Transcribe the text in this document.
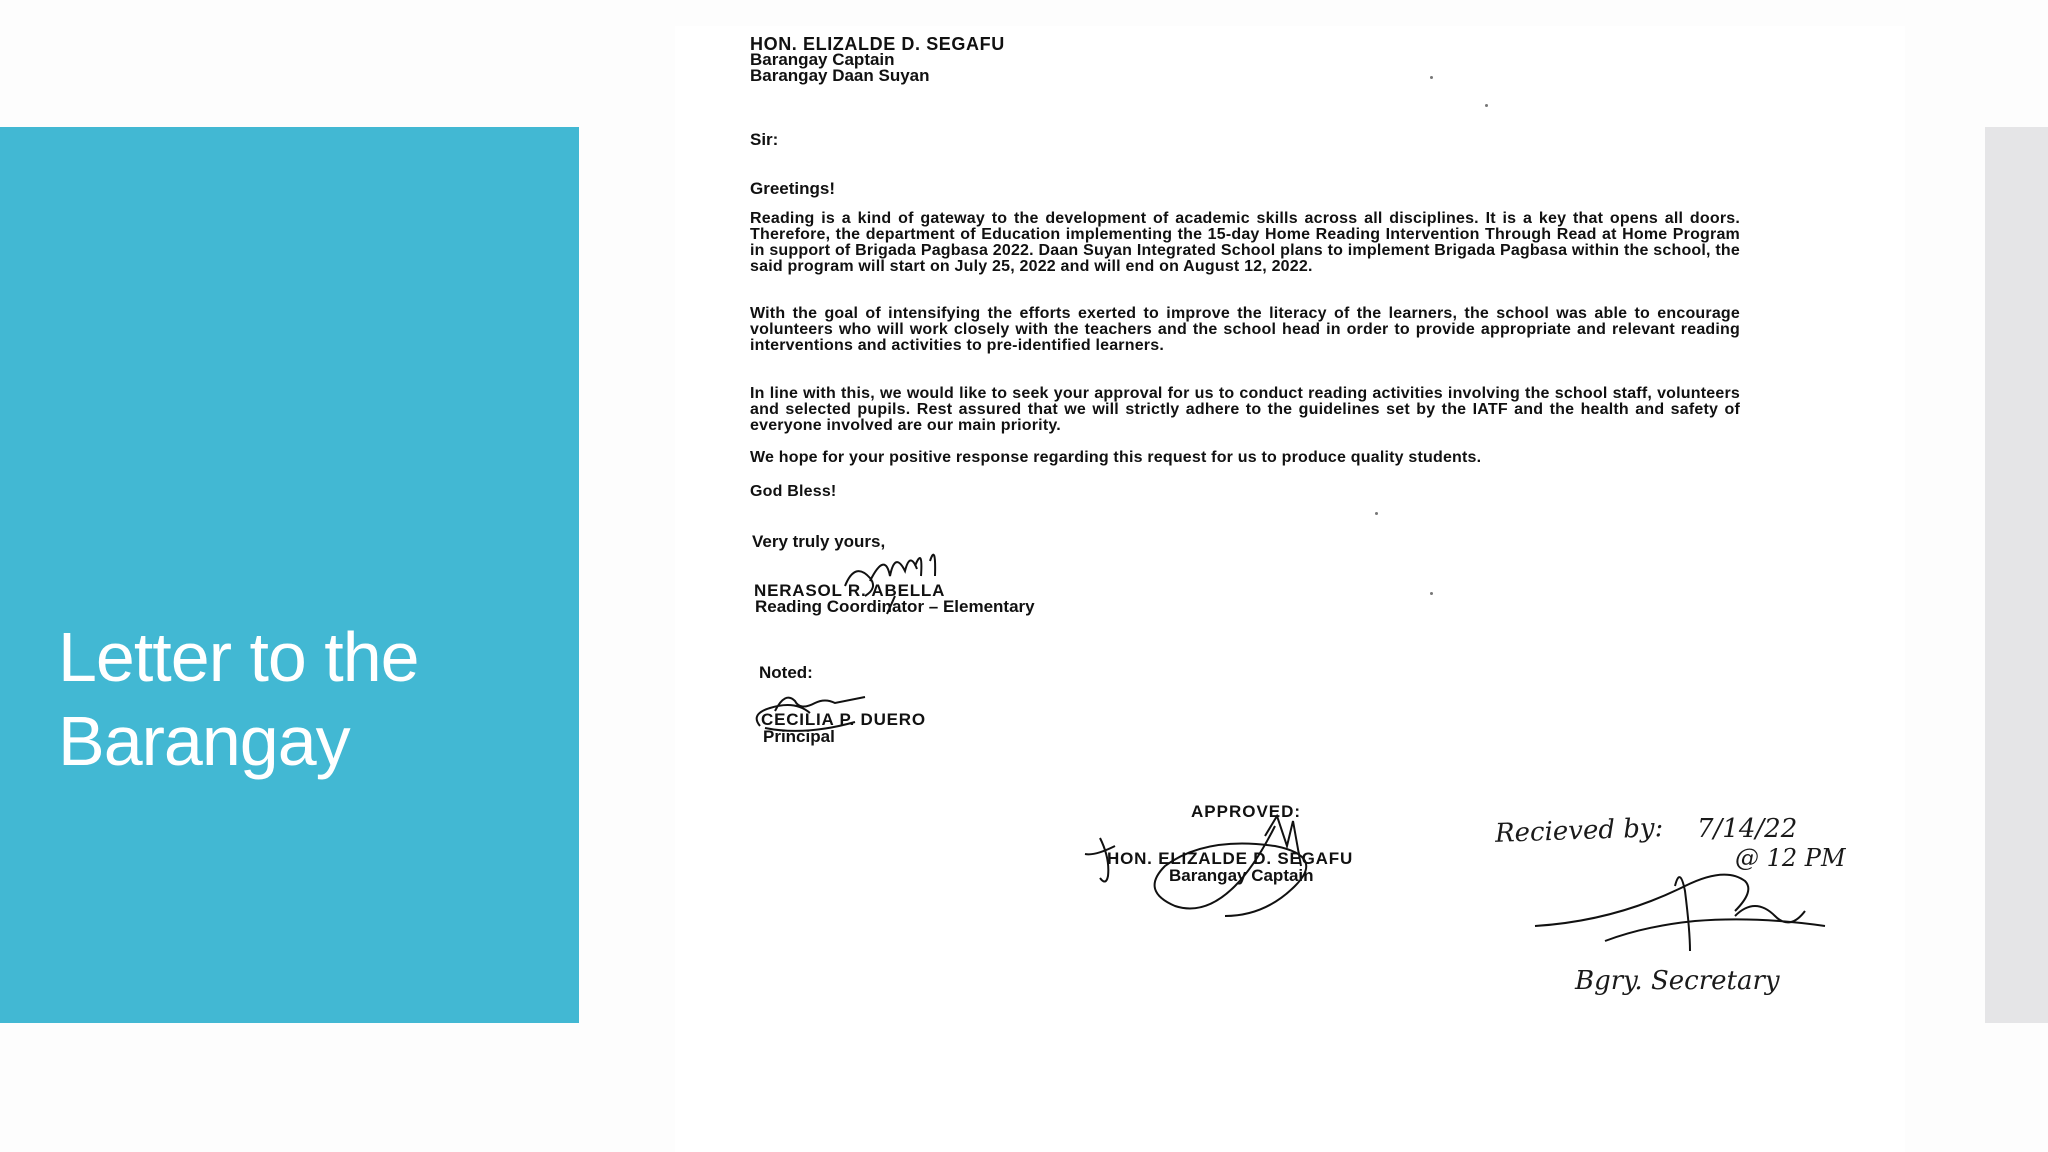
Letter to the
Barangay
HON. ELIZALDE D. SEGAFU
Barangay Captain
Barangay Daan Suyan
Sir:
Greetings!
Reading is a kind of gateway to the development of academic skills across all disciplines. It is a key that opens all doors. Therefore, the department of Education implementing the 15-day Home Reading Intervention Through Read at Home Program in support of Brigada Pagbasa 2022. Daan Suyan Integrated School plans to implement Brigada Pagbasa within the school, the said program will start on July 25, 2022 and will end on August 12, 2022.
With the goal of intensifying the efforts exerted to improve the literacy of the learners, the school was able to encourage volunteers who will work closely with the teachers and the school head in order to provide appropriate and relevant reading interventions and activities to pre-identified learners.
In line with this, we would like to seek your approval for us to conduct reading activities involving the school staff, volunteers and selected pupils. Rest assured that we will strictly adhere to the guidelines set by the IATF and the health and safety of everyone involved are our main priority.
We hope for your positive response regarding this request for us to produce quality students.
God Bless!
Very truly yours,
NERASOL R. ABELLA
Reading Coordinator – Elementary
Noted:
CECILIA P. DUERO
Principal
APPROVED:
HON. ELIZALDE D. SEGAFU
Barangay Captain
Recieved by: 7/14/22
@ 12 PM
Bgry. Secretary
